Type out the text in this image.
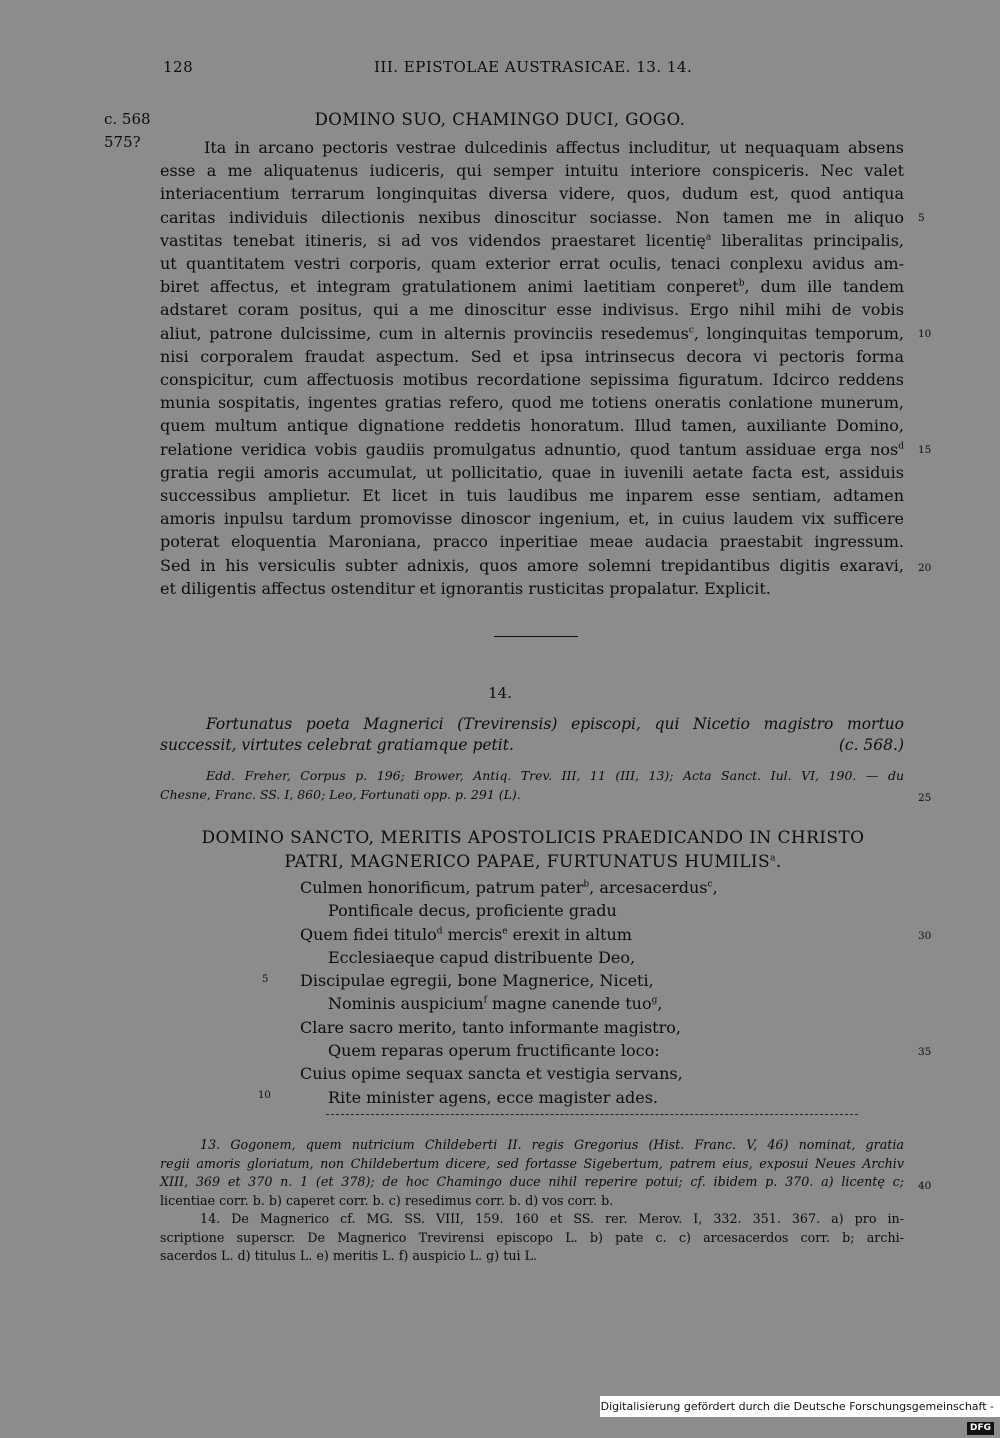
128	III. EPISTOLAE AUSTRASICAE. 13. 14.
c. 568
575?
DOMINO SUO, CHAMINGO DUCI, GOGO.
Ita in arcano pectoris vestrae dulcedinis affectus includitur, ut nequaquam absens
esse a me aliquatenus iudiceris, qui semper intuitu interiore conspiceris. Nec valet
interiacentium terrarum longinquitas diversa videre, quos, dudum est, quod antiqua
caritas individuis dilectionis nexibus dinoscitur sociasse. Non tamen me in aliquo
vastitas tenebat itineris, si ad vos videndos praestaret licentię$^a$ liberalitas principalis,
ut quantitatem vestri corporis, quam exterior errat oculis, tenaci conplexu avidus am-
biret affectus, et integram gratulationem animi laetitiam conperet$^b$, dum ille tandem
adstaret coram positus, qui a me dinoscitur esse indivisus. Ergo nihil mihi de vobis
aliut, patrone dulcissime, cum in alternis provinciis resedemus$^c$, longinquitas temporum,
nisi corporalem fraudat aspectum. Sed et ipsa intrinsecus decora vi pectoris forma
conspicitur, cum affectuosis motibus recordatione sepissima figuratum. Idcirco reddens
munia sospitatis, ingentes gratias refero, quod me totiens oneratis conlatione munerum,
quem multum antique dignatione reddetis honoratum. Illud tamen, auxiliante Domino,
relatione veridica vobis gaudiis promulgatus adnuntio, quod tantum assiduae erga nos$^d$
gratia regii amoris accumulat, ut pollicitatio, quae in iuvenili aetate facta est, assiduis
successibus amplietur. Et licet in tuis laudibus me inparem esse sentiam, adtamen
amoris inpulsu tardum promovisse dinoscor ingenium, et, in cuius laudem vix sufficere
poterat eloquentia Maroniana, pracco inperitiae meae audacia praestabit ingressum.
Sed in his versiculis subter adnixis, quos amore solemni trepidantibus digitis exaravi,
et diligentis affectus ostenditur et ignorantis rusticitas propalatur. Explicit.
5
10
15
20
14.
Fortunatus poeta Magnerici (Trevirensis) episcopi, qui Nicetio magistro mortuo
successit, virtutes celebrat gratiamque petit.	(c. 568.)
Edd. Freher, Corpus p. 196; Brower, Antiq. Trev. III, 11 (III, 13); Acta Sanct. Iul. VI, 190. — du
Chesne, Franc. SS. I, 860; Leo, Fortunati opp. p. 291 (L).	25
DOMINO SANCTO, MERITIS APOSTOLICIS PRAEDICANDO IN CHRISTO
PATRI, MAGNERICO PAPAE, FURTUNATUS HUMILIS$^a$.
Culmen honorificum, patrum pater$^b$, arcesacerdus$^c$,
Pontificale decus, proficiente gradu
Quem fidei titulo$^d$ mercis$^e$ erexit in altum
Ecclesiaeque capud distribuente Deo,
Discipulae egregii, bone Magnerice, Niceti,
Nominis auspicium$^f$ magne canende tuo$^g$,
Clare sacro merito, tanto informante magistro,
Quem reparas operum fructificante loco:
Cuius opime sequax sancta et vestigia servans,
Rite minister agens, ecce magister ades.
5
10
30
35
13. Gogonem, quem nutricium Childeberti II. regis Gregorius (Hist. Franc. V, 46) nominat, gratia
regii amoris gloriatum, non Childebertum dicere, sed fortasse Sigebertum, patrem eius, exposui Neues Archiv
XIII, 369 et 370 n. 1 (et 378); de hoc Chamingo duce nihil reperire potui; cf. ibidem p. 370. a) licentę c;
licentiae corr. b. b) caperet corr. b. c) resedimus corr. b. d) vos corr. b.
14. De Magnerico cf. MG. SS. VIII, 159. 160 et SS. rer. Merov. I, 332. 351. 367. a) pro in-
scriptione superscr. De Magnerico Trevirensi episcopo L. b) pate c. c) arcesacerdos corr. b; archi-
sacerdos L. d) titulus L. e) meritis L. f) auspicio L. g) tui L.
40
Digitalisierung gefördert durch die Deutsche Forschungsgemeinschaft -DFG
